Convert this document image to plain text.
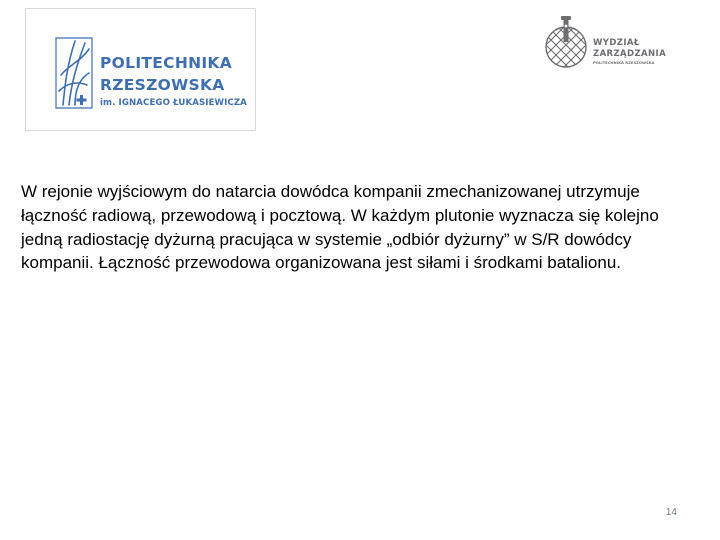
POLITECHNIKA
RZESZOWSKA
im. IGNACEGO ŁUKASIEWICZA
WYDZIAŁ
ZARZĄDZANIA
POLITECHNIKA RZESZOWSKA

W rejonie wyjściowym do natarcia dowódca kompanii zmechanizowanej utrzymuje łączność radiową, przewodową i pocztową. W każdym plutonie wyznacza się kolejno jedną radiostację dyżurną pracująca w systemie „odbiór dyżurny” w S/R dowódcy kompanii. Łączność przewodowa organizowana jest siłami i środkami batalionu.

14
